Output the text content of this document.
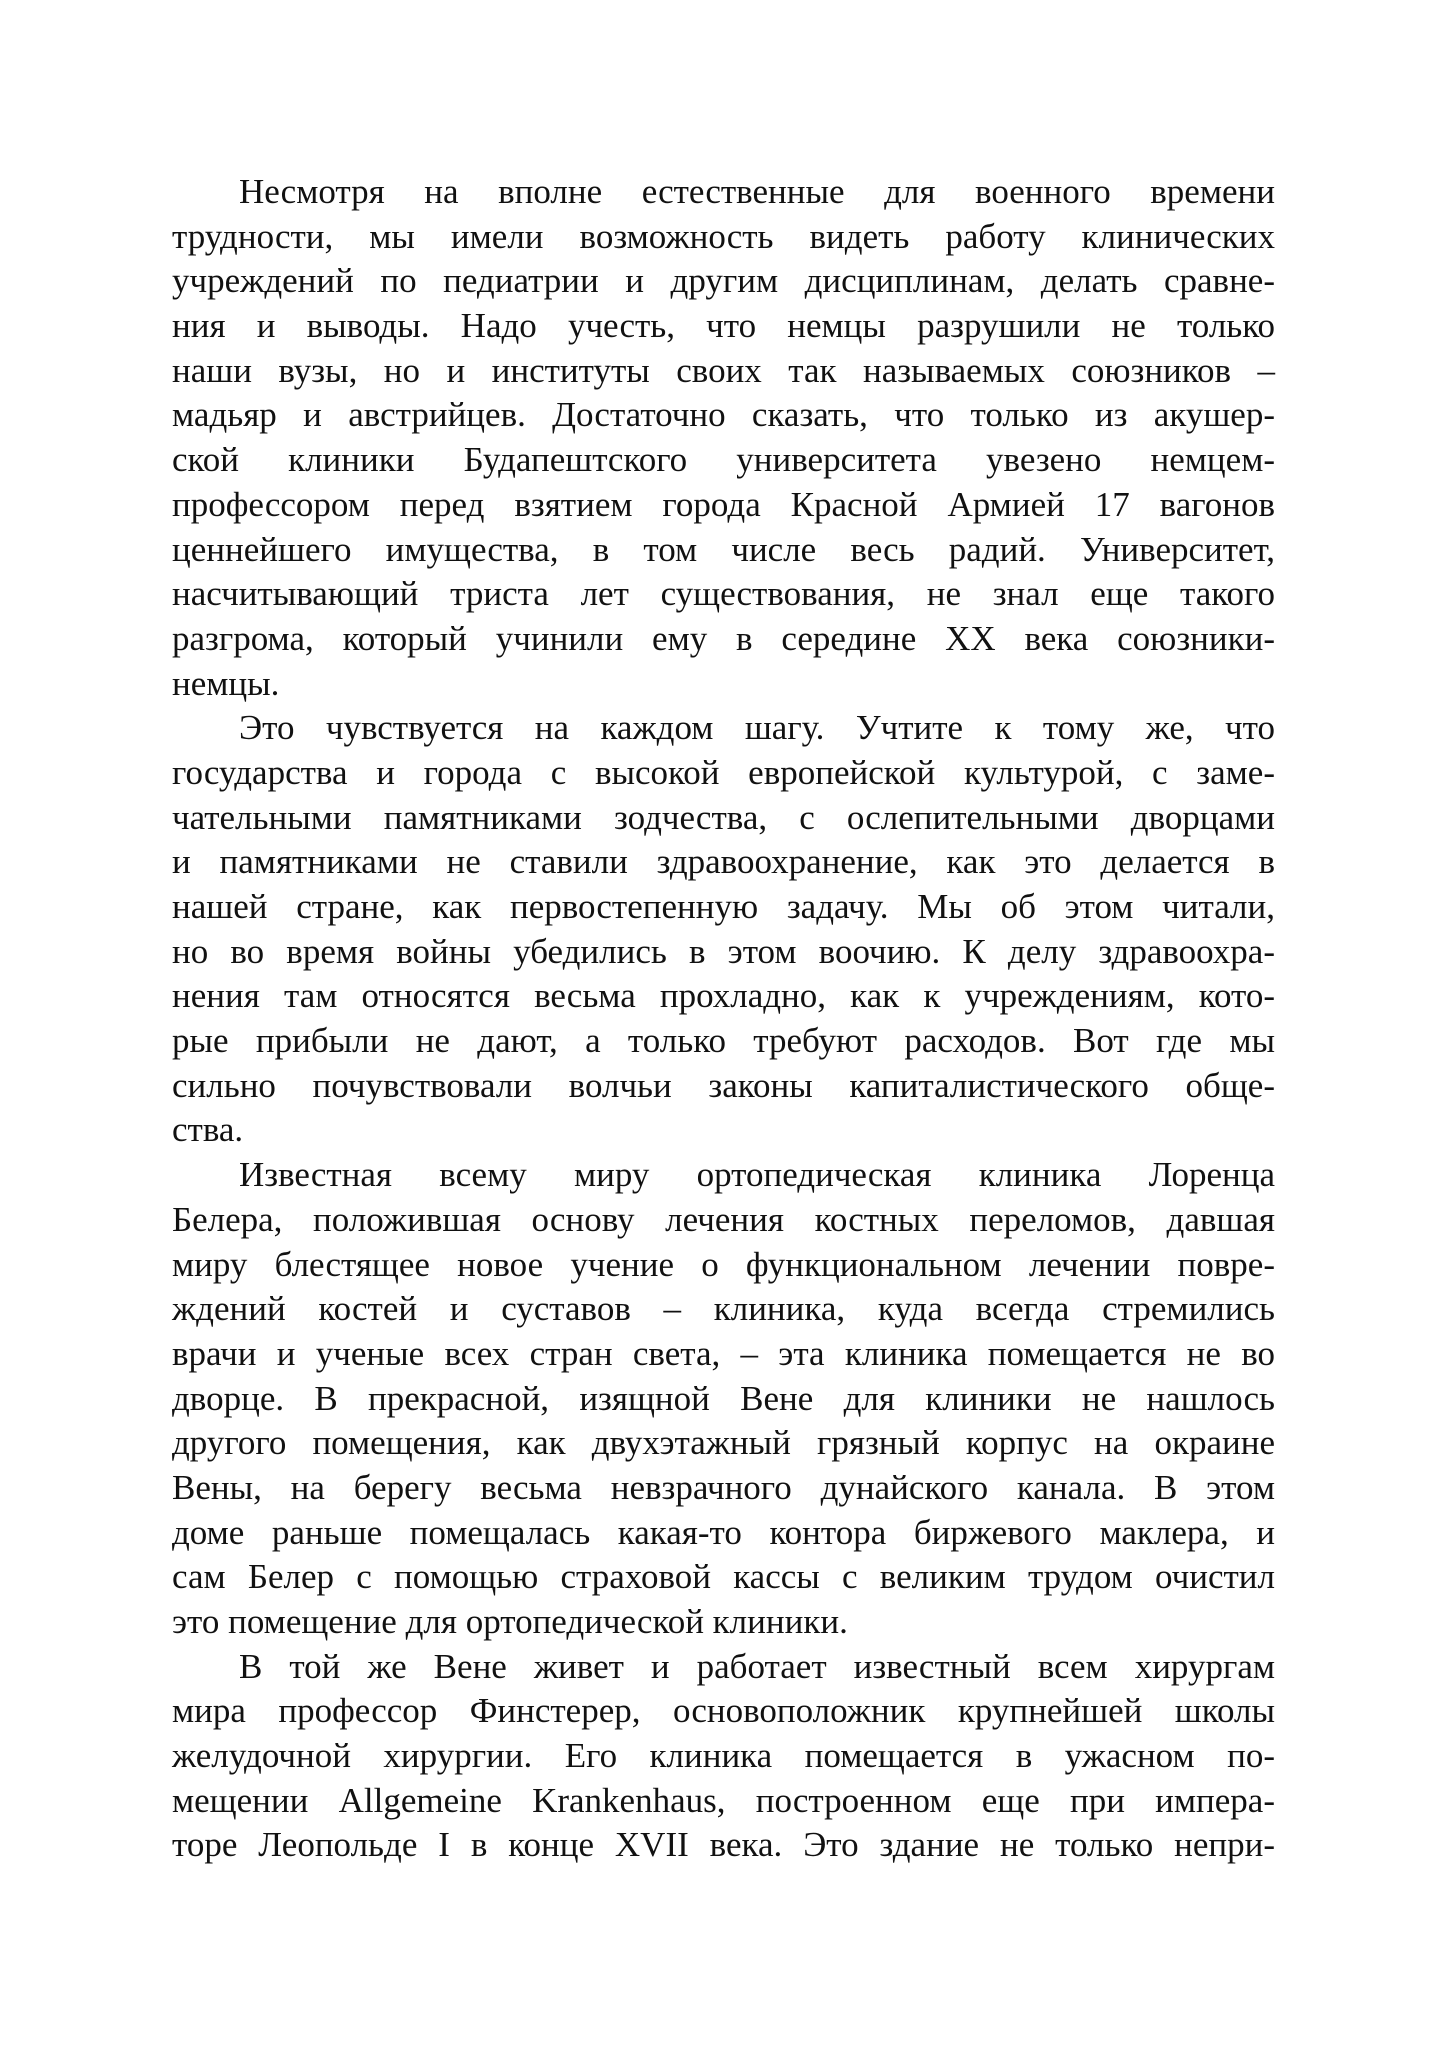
Несмотря на вполне естественные для военного времени
трудности, мы имели возможность видеть работу клинических
учреждений по педиатрии и другим дисциплинам, делать сравне-
ния и выводы. Надо учесть, что немцы разрушили не только
наши вузы, но и институты своих так называемых союзников –
мадьяр и австрийцев. Достаточно сказать, что только из акушер-
ской клиники Будапештского университета увезено немцем-
профессором перед взятием города Красной Армией 17 вагонов
ценнейшего имущества, в том числе весь радий. Университет,
насчитывающий триста лет существования, не знал еще такого
разгрома, который учинили ему в середине XX века союзники-
немцы.
Это чувствуется на каждом шагу. Учтите к тому же, что
государства и города с высокой европейской культурой, с заме-
чательными памятниками зодчества, с ослепительными дворцами
и памятниками не ставили здравоохранение, как это делается в
нашей стране, как первостепенную задачу. Мы об этом читали,
но во время войны убедились в этом воочию. К делу здравоохра-
нения там относятся весьма прохладно, как к учреждениям, кото-
рые прибыли не дают, а только требуют расходов. Вот где мы
сильно почувствовали волчьи законы капиталистического обще-
ства.
Известная всему миру ортопедическая клиника Лоренца
Белера, положившая основу лечения костных переломов, давшая
миру блестящее новое учение о функциональном лечении повре-
ждений костей и суставов – клиника, куда всегда стремились
врачи и ученые всех стран света, – эта клиника помещается не во
дворце. В прекрасной, изящной Вене для клиники не нашлось
другого помещения, как двухэтажный грязный корпус на окраине
Вены, на берегу весьма невзрачного дунайского канала. В этом
доме раньше помещалась какая-то контора биржевого маклера, и
сам Белер с помощью страховой кассы с великим трудом очистил
это помещение для ортопедической клиники.
В той же Вене живет и работает известный всем хирургам
мира профессор Финстерер, основоположник крупнейшей школы
желудочной хирургии. Его клиника помещается в ужасном по-
мещении Allgemeine Krankenhaus, построенном еще при импера-
торе Леопольде I в конце XVII века. Это здание не только непри-
